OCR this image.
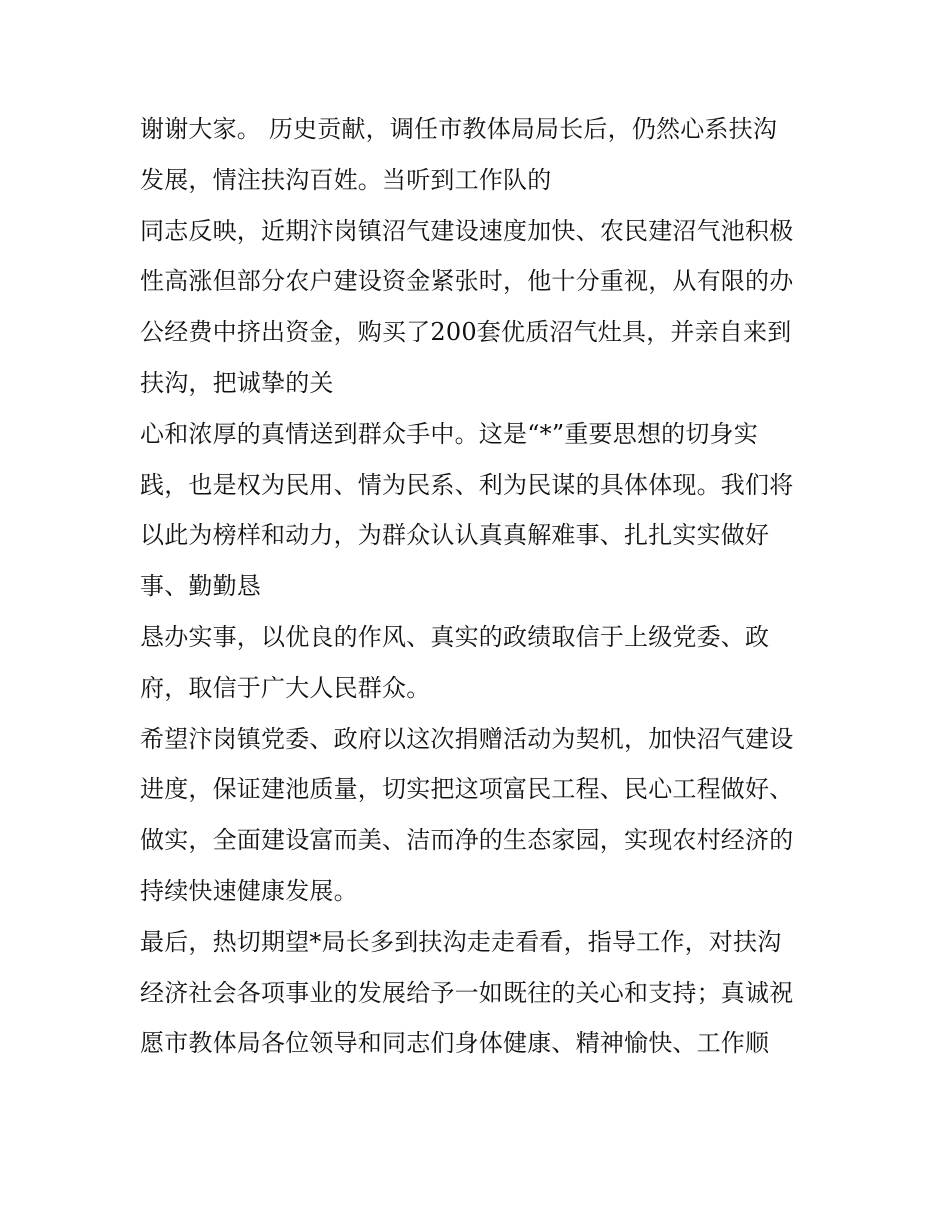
谢谢大家。 历史贡献，调任市教体局局长后，仍然心系扶沟
发展，情注扶沟百姓。当听到工作队的
同志反映，近期汴岗镇沼气建设速度加快、农民建沼气池积极
性高涨但部分农户建设资金紧张时，他十分重视，从有限的办
公经费中挤出资金，购买了200套优质沼气灶具，并亲自来到
扶沟，把诚挚的关
心和浓厚的真情送到群众手中。这是“*”重要思想的切身实
践，也是权为民用、情为民系、利为民谋的具体体现。我们将
以此为榜样和动力，为群众认认真真解难事、扎扎实实做好
事、勤勤恳
恳办实事，以优良的作风、真实的政绩取信于上级党委、政
府，取信于广大人民群众。
希望汴岗镇党委、政府以这次捐赠活动为契机，加快沼气建设
进度，保证建池质量，切实把这项富民工程、民心工程做好、
做实，全面建设富而美、洁而净的生态家园，实现农村经济的
持续快速健康发展。
最后，热切期望*局长多到扶沟走走看看，指导工作，对扶沟
经济社会各项事业的发展给予一如既往的关心和支持；真诚祝
愿市教体局各位领导和同志们身体健康、精神愉快、工作顺
